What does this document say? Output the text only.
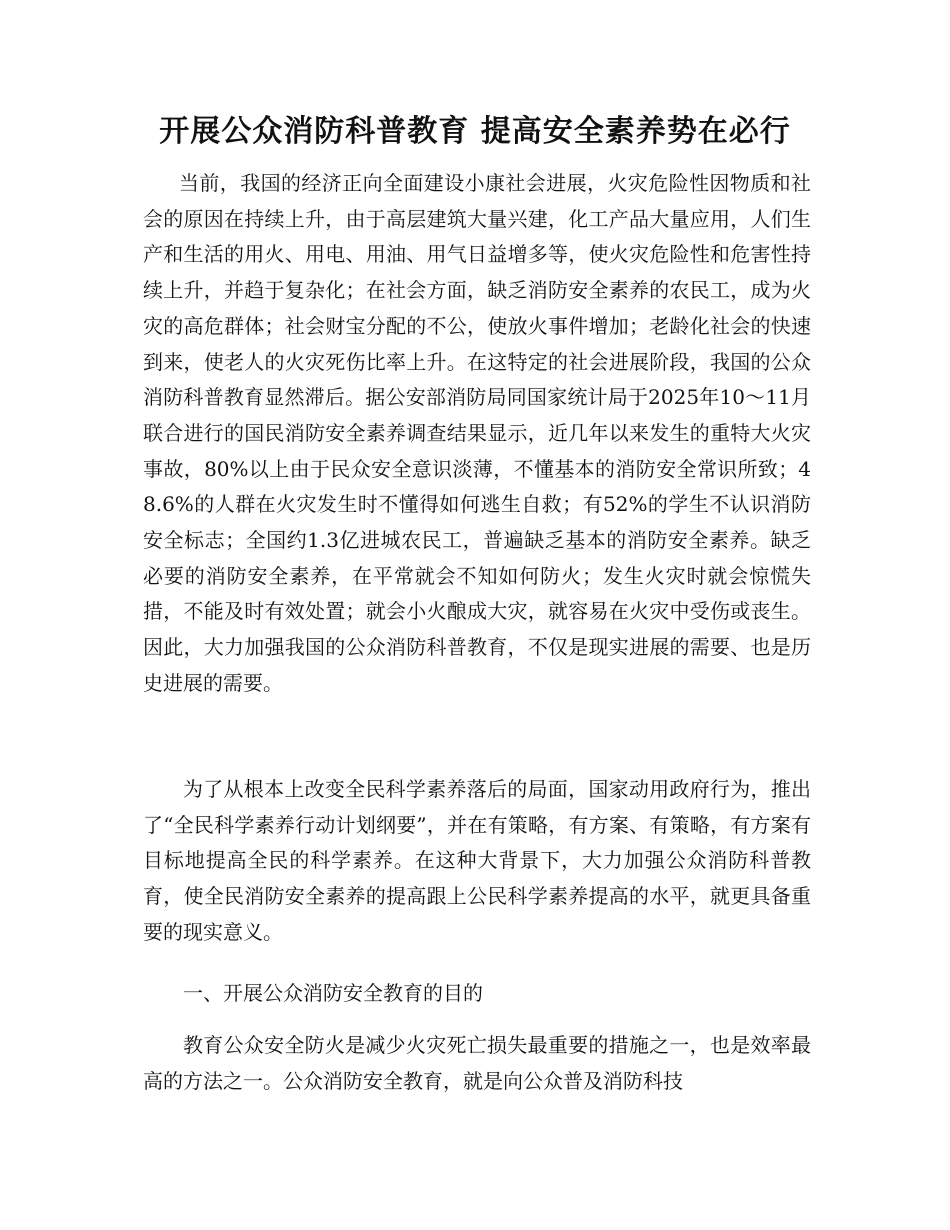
开展公众消防科普教育 提高安全素养势在必行

当前，我国的经济正向全面建设小康社会进展，火灾危险性因物质和社会的原因在持续上升，由于高层建筑大量兴建，化工产品大量应用，人们生产和生活的用火、用电、用油、用气日益增多等，使火灾危险性和危害性持续上升，并趋于复杂化；在社会方面，缺乏消防安全素养的农民工，成为火灾的高危群体；社会财宝分配的不公，使放火事件增加；老龄化社会的快速到来，使老人的火灾死伤比率上升。在这特定的社会进展阶段，我国的公众消防科普教育显然滞后。据公安部消防局同国家统计局于2025年10～11月联合进行的国民消防安全素养调查结果显示，近几年以来发生的重特大火灾事故，80%以上由于民众安全意识淡薄，不懂基本的消防安全常识所致；48.6%的人群在火灾发生时不懂得如何逃生自救；有52%的学生不认识消防安全标志；全国约1.3亿进城农民工，普遍缺乏基本的消防安全素养。缺乏必要的消防安全素养，在平常就会不知如何防火；发生火灾时就会惊慌失措，不能及时有效处置；就会小火酿成大灾，就容易在火灾中受伤或丧生。因此，大力加强我国的公众消防科普教育，不仅是现实进展的需要、也是历史进展的需要。

为了从根本上改变全民科学素养落后的局面，国家动用政府行为，推出了“全民科学素养行动计划纲要”，并在有策略，有方案、有策略，有方案有目标地提高全民的科学素养。在这种大背景下，大力加强公众消防科普教育，使全民消防安全素养的提高跟上公民科学素养提高的水平，就更具备重要的现实意义。

一、开展公众消防安全教育的目的

教育公众安全防火是减少火灾死亡损失最重要的措施之一，也是效率最高的方法之一。公众消防安全教育，就是向公众普及消防科技
